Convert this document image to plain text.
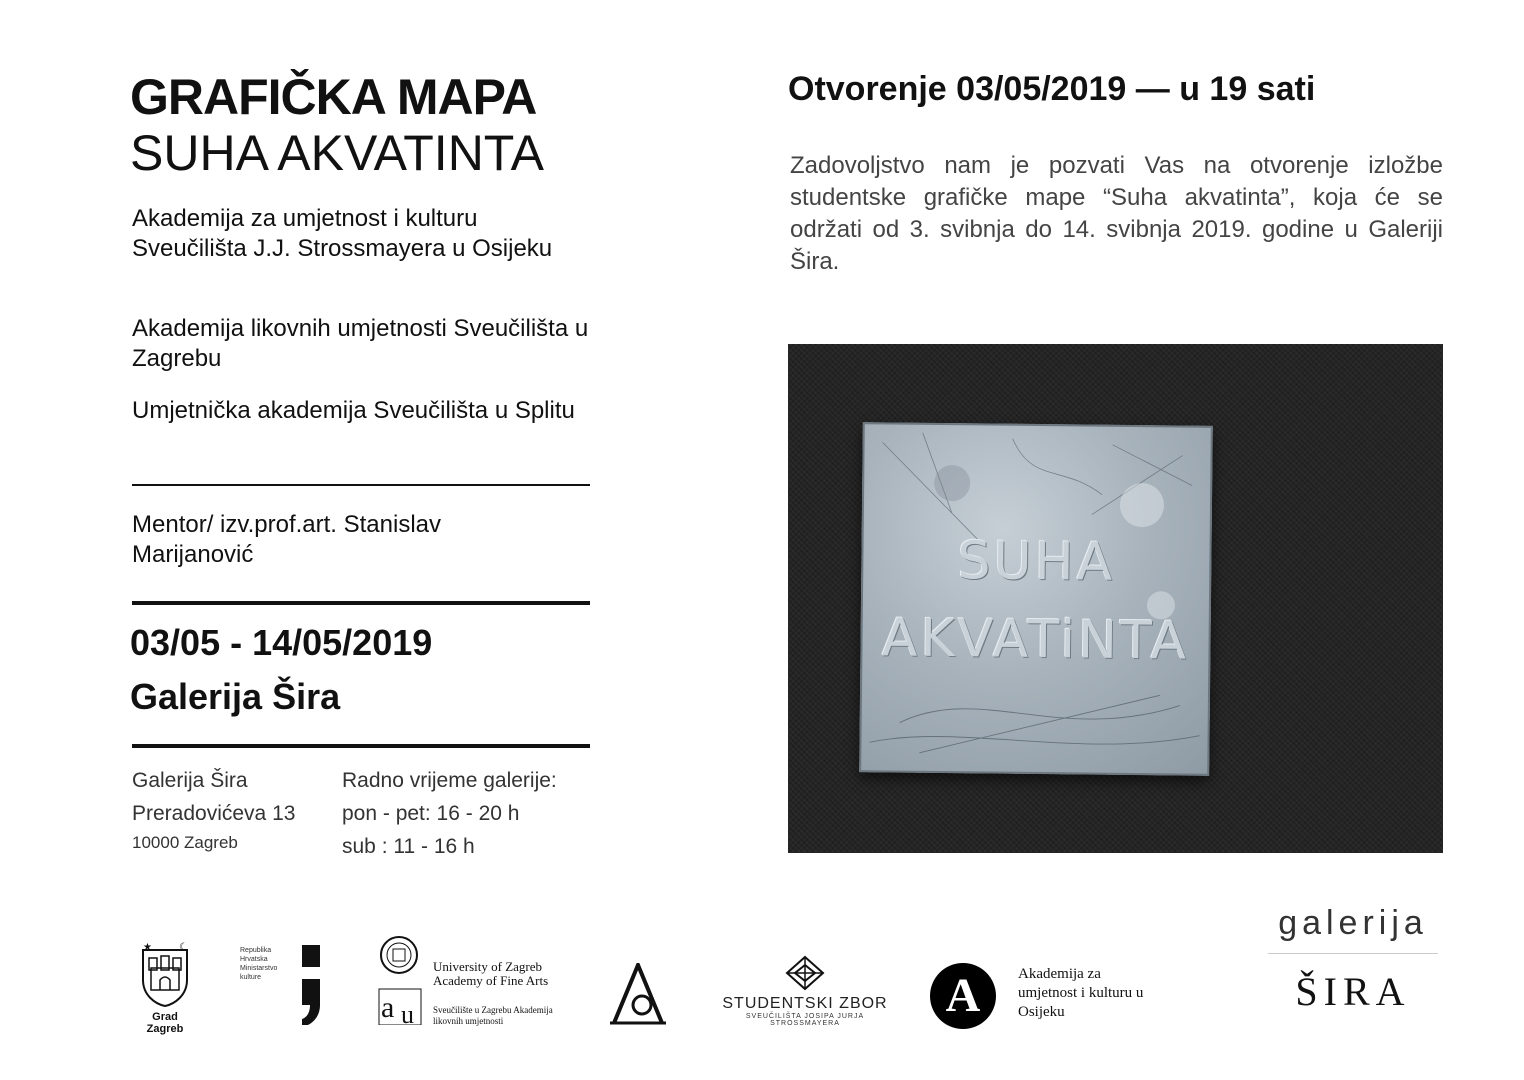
GRAFIČKA MAPA
SUHA AKVATINTA
Akademija za umjetnost i kulturu Sveučilišta J.J. Strossmayera u Osijeku
Akademija likovnih umjetnosti Sveučilišta u Zagrebu
Umjetnička akademija Sveučilišta u Splitu
Mentor/ izv.prof.art. Stanislav Marijanović
03/05 - 14/05/2019
Galerija Šira
Galerija Šira
Preradovićeva 13
10000 Zagreb
Radno vrijeme galerije:
pon - pet: 16 - 20 h
sub : 11 - 16 h
Otvorenje 03/05/2019 — u 19 sati
Zadovoljstvo nam je pozvati Vas na otvorenje izložbe studentske grafičke mape “Suha akvatinta”, koja će se održati od 3. svibnja do 14. svibnja 2019. godine u Galeriji Šira.
SUHA
AKVATiNTA
★	☾
Grad Zagreb
Republika Hrvatska Ministarstvo kulture
a u
University of Zagreb Academy of Fine Arts
Sveučilište u Zagrebu Akademija likovnih umjetnosti
STUDENTSKI ZBOR
SVEUČILIŠTA JOSIPA JURJA STROSSMAYERA
A	Akademija za umjetnost i kulturu u Osijeku
galerija
ŠIRA
